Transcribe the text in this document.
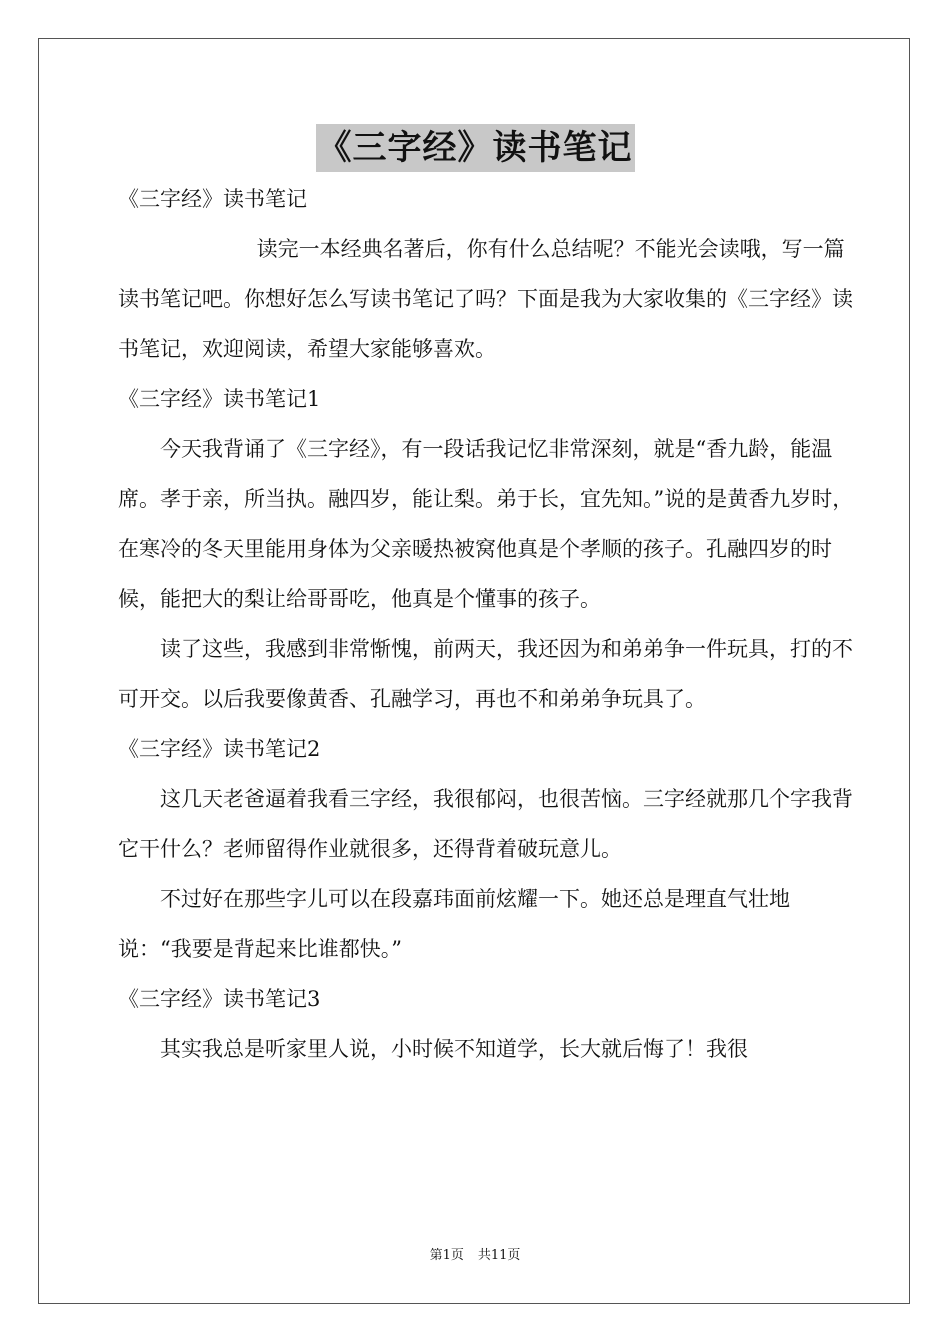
《三字经》读书笔记

《三字经》读书笔记

读完一本经典名著后，你有什么总结呢？不能光会读哦，写一篇读书笔记吧。你想好怎么写读书笔记了吗？下面是我为大家收集的《三字经》读书笔记，欢迎阅读，希望大家能够喜欢。

《三字经》读书笔记1

今天我背诵了《三字经》，有一段话我记忆非常深刻，就是“香九龄，能温席。孝于亲，所当执。融四岁，能让梨。弟于长，宜先知。”说的是黄香九岁时，在寒冷的冬天里能用身体为父亲暖热被窝他真是个孝顺的孩子。孔融四岁的时候，能把大的梨让给哥哥吃，他真是个懂事的孩子。

读了这些，我感到非常惭愧，前两天，我还因为和弟弟争一件玩具，打的不可开交。以后我要像黄香、孔融学习，再也不和弟弟争玩具了。

《三字经》读书笔记2

这几天老爸逼着我看三字经，我很郁闷，也很苦恼。三字经就那几个字我背它干什么？老师留得作业就很多，还得背着破玩意儿。

不过好在那些字儿可以在段嘉玮面前炫耀一下。她还总是理直气壮地说：“我要是背起来比谁都快。”

《三字经》读书笔记3

其实我总是听家里人说，小时候不知道学，长大就后悔了！我很

第1页 共11页
